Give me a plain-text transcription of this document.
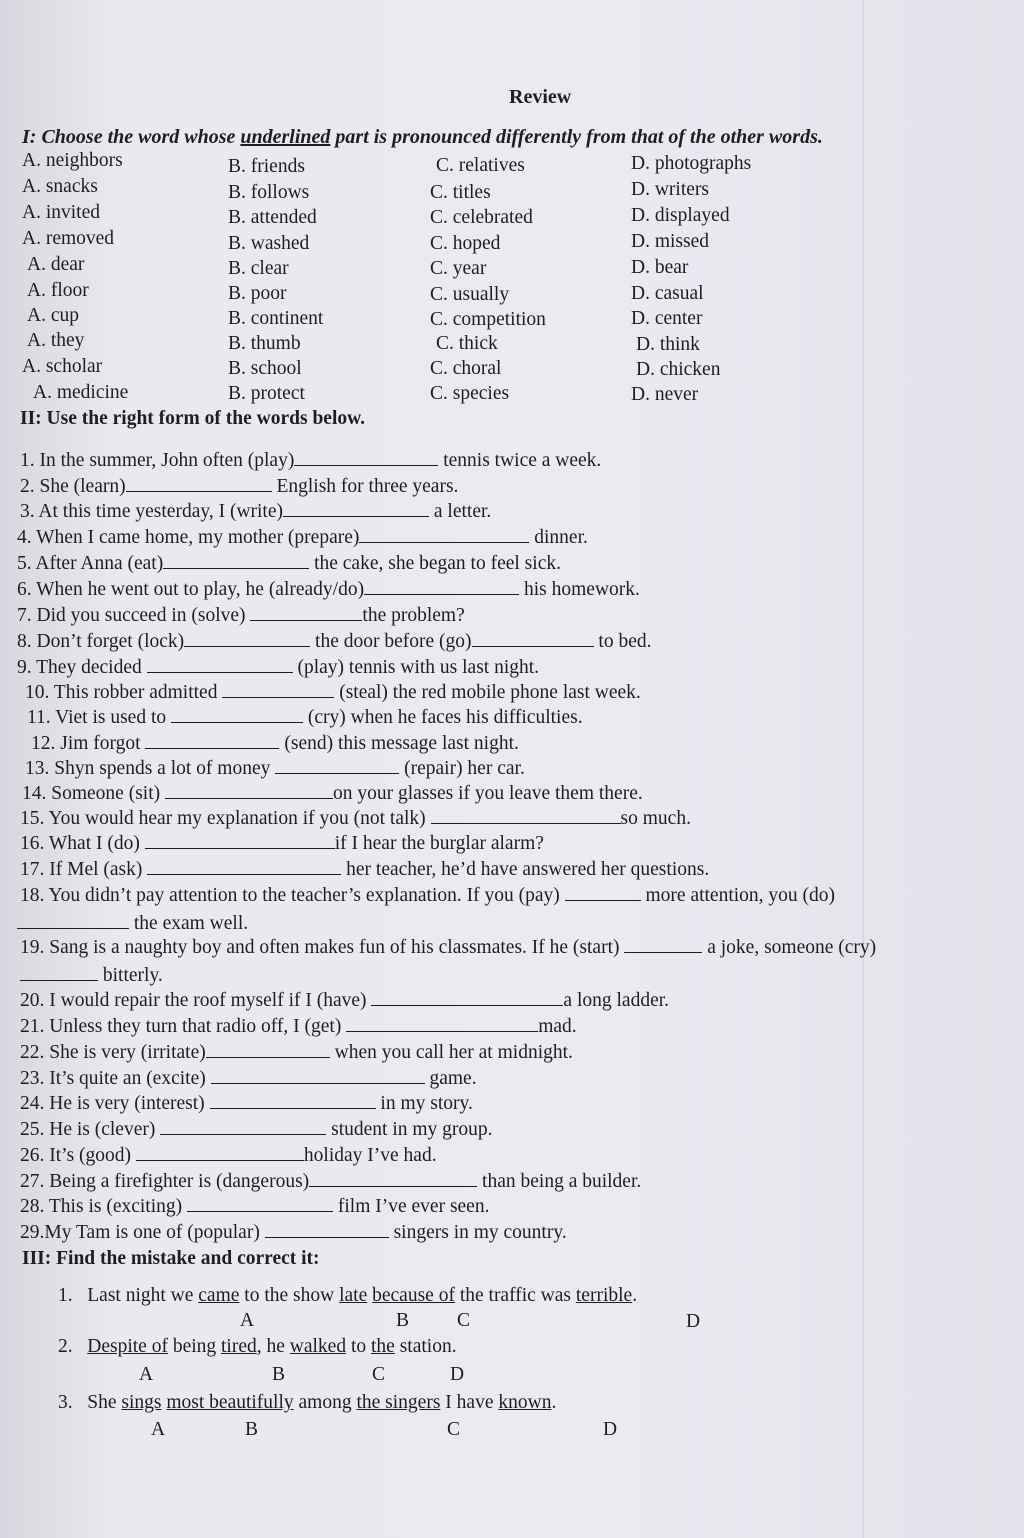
Review
I: Choose the word whose underlined part is pronounced differently from that of the other words.
A. neighbors	B. friends	C. relatives	D. photographs
A. snacks	B. follows	C. titles	D. writers
A. invited	B. attended	C. celebrated	D. displayed
A. removed	B. washed	C. hoped	D. missed
A. dear	B. clear	C. year	D. bear
A. floor	B. poor	C. usually	D. casual
A. cup	B. continent	C. competition	D. center
A. they	B. thumb	C. thick	D. think
A. scholar	B. school	C. choral	D. chicken
A. medicine	B. protect	C. species	D. never
II: Use the right form of the words below.
1. In the summer, John often (play)	tennis twice a week.
2. She (learn)	English for three years.
3. At this time yesterday, I (write)	a letter.
4. When I came home, my mother (prepare)	dinner.
5. After Anna (eat)	the cake, she began to feel sick.
6. When he went out to play, he (already/do)	his homework.
7. Did you succeed in (solve)	the problem?
8. Don’t forget (lock)	the door before (go)	to bed.
9. They decided	(play) tennis with us last night.
10. This robber admitted	(steal) the red mobile phone last week.
11. Viet is used to	(cry) when he faces his difficulties.
12. Jim forgot	(send) this message last night.
13. Shyn spends a lot of money	(repair) her car.
14. Someone (sit)	on your glasses if you leave them there.
15. You would hear my explanation if you (not talk)	so much.
16. What I (do)	if I hear the burglar alarm?
17. If Mel (ask)	her teacher, he’d have answered her questions.
18. You didn’t pay attention to the teacher’s explanation. If you (pay)	more attention, you (do)
the exam well.
19. Sang is a naughty boy and often makes fun of his classmates. If he (start)	a joke, someone (cry)
bitterly.
20. I would repair the roof myself if I (have)	a long ladder.
21. Unless they turn that radio off, I (get)	mad.
22. She is very (irritate)	when you call her at midnight.
23. It’s quite an (excite)	game.
24. He is very (interest)	in my story.
25. He is (clever)	student in my group.
26. It’s (good)	holiday I’ve had.
27. Being a firefighter is (dangerous)	than being a builder.
28. This is (exciting)	film I’ve ever seen.
29.My Tam is one of (popular)	singers in my country.
III: Find the mistake and correct it:
1. Last night we came to the show late because of the traffic was terrible.
A	B C	D
2. Despite of being tired, he walked to the station.
A	B	C	D
3. She sings most beautifully among the singers I have known.
A	B	C	D
